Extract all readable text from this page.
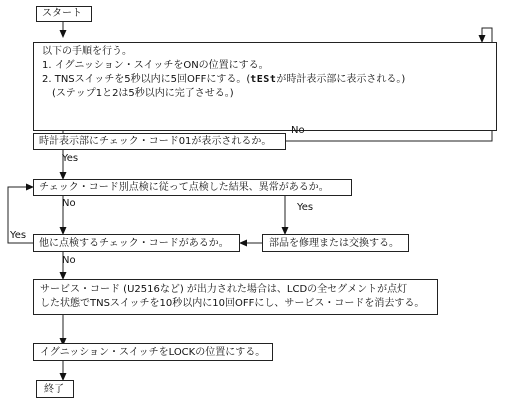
スタート
以下の手順を行う。
1. イグニッション・スイッチをONの位置にする。
2. TNSスイッチを5秒以内に5回OFFにする。(tEStが時計表示部に表示される。)
(ステップ1と2は5秒以内に完了させる。)
時計表示部にチェック・コード01が表示されるか。
チェック・コード別点検に従って点検した結果、異常があるか。
他に点検するチェック・コードがあるか。	部品を修理または交換する。
サービス・コード (U2516など) が出力された場合は、LCDの全セグメントが点灯
した状態でTNSスイッチを10秒以内に10回OFFにし、サービス・コードを消去する。
イグニッション・スイッチをLOCKの位置にする。
終了
No
Yes
No	Yes
Yes
No
